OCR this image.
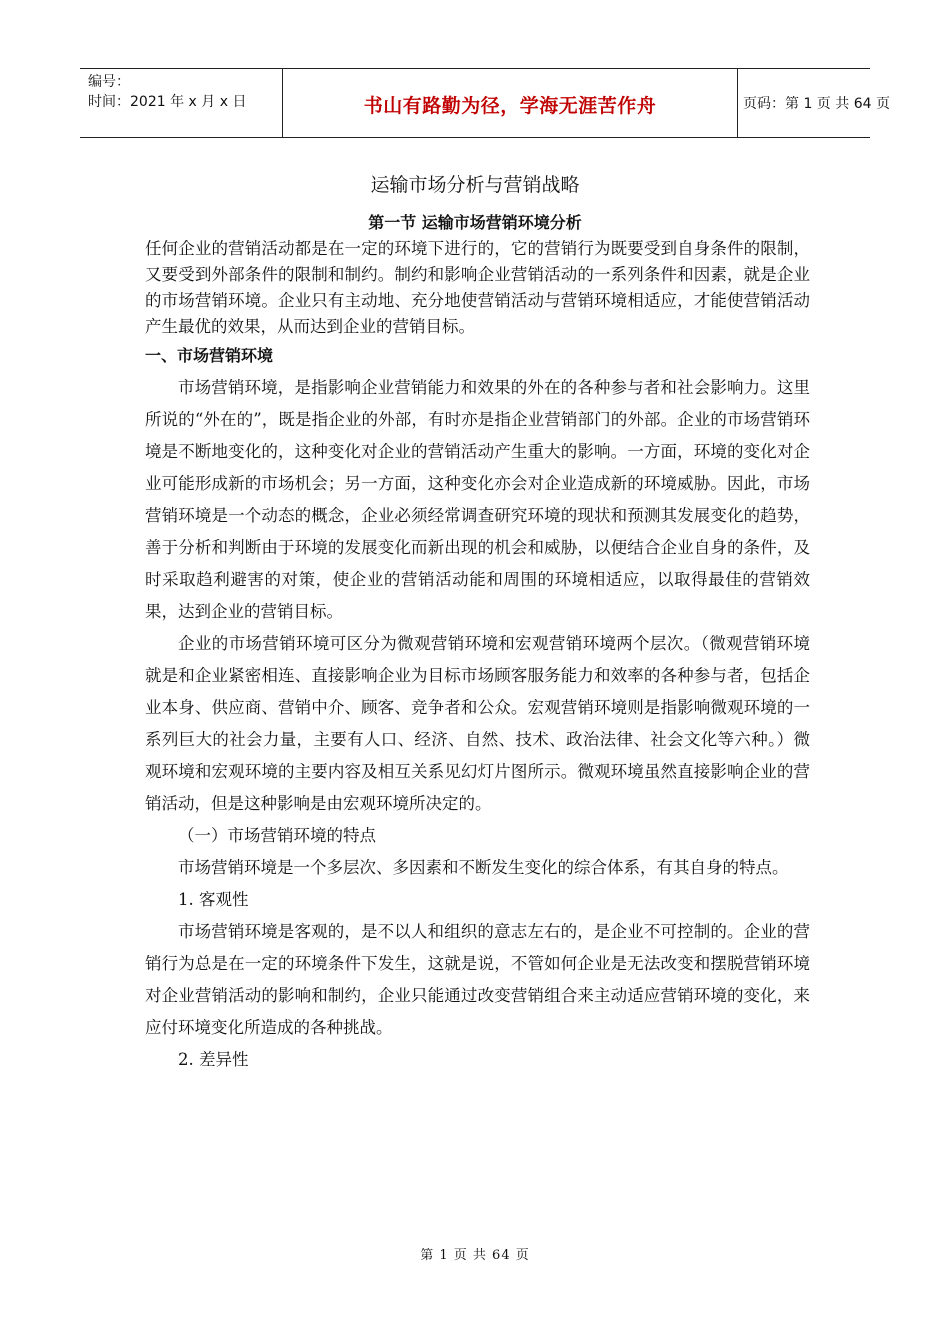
编号：
时间：2021 年 x 月 x 日	书山有路勤为径，学海无涯苦作舟	页码：第 1 页 共 64 页
运输市场分析与营销战略
第一节 运输市场营销环境分析

任何企业的营销活动都是在一定的环境下进行的，它的营销行为既要受到自身条件的限制，又要受到外部条件的限制和制约。制约和影响企业营销活动的一系列条件和因素，就是企业的市场营销环境。企业只有主动地、充分地使营销活动与营销环境相适应，才能使营销活动产生最优的效果，从而达到企业的营销目标。

一、市场营销环境

市场营销环境，是指影响企业营销能力和效果的外在的各种参与者和社会影响力。这里所说的“外在的”，既是指企业的外部，有时亦是指企业营销部门的外部。企业的市场营销环境是不断地变化的，这种变化对企业的营销活动产生重大的影响。一方面，环境的变化对企业可能形成新的市场机会；另一方面，这种变化亦会对企业造成新的环境威胁。因此，市场营销环境是一个动态的概念，企业必须经常调查研究环境的现状和预测其发展变化的趋势，善于分析和判断由于环境的发展变化而新出现的机会和威胁，以便结合企业自身的条件，及时采取趋利避害的对策，使企业的营销活动能和周围的环境相适应，以取得最佳的营销效果，达到企业的营销目标。

企业的市场营销环境可区分为微观营销环境和宏观营销环境两个层次。（微观营销环境就是和企业紧密相连、直接影响企业为目标市场顾客服务能力和效率的各种参与者，包括企业本身、供应商、营销中介、顾客、竞争者和公众。宏观营销环境则是指影响微观环境的一系列巨大的社会力量，主要有人口、经济、自然、技术、政治法律、社会文化等六种。）微观环境和宏观环境的主要内容及相互关系见幻灯片图所示。微观环境虽然直接影响企业的营销活动，但是这种影响是由宏观环境所决定的。

（一）市场营销环境的特点

市场营销环境是一个多层次、多因素和不断发生变化的综合体系，有其自身的特点。

1. 客观性

市场营销环境是客观的，是不以人和组织的意志左右的，是企业不可控制的。企业的营销行为总是在一定的环境条件下发生，这就是说，不管如何企业是无法改变和摆脱营销环境对企业营销活动的影响和制约，企业只能通过改变营销组合来主动适应营销环境的变化，来应付环境变化所造成的各种挑战。

2. 差异性

第 1 页 共 64 页
